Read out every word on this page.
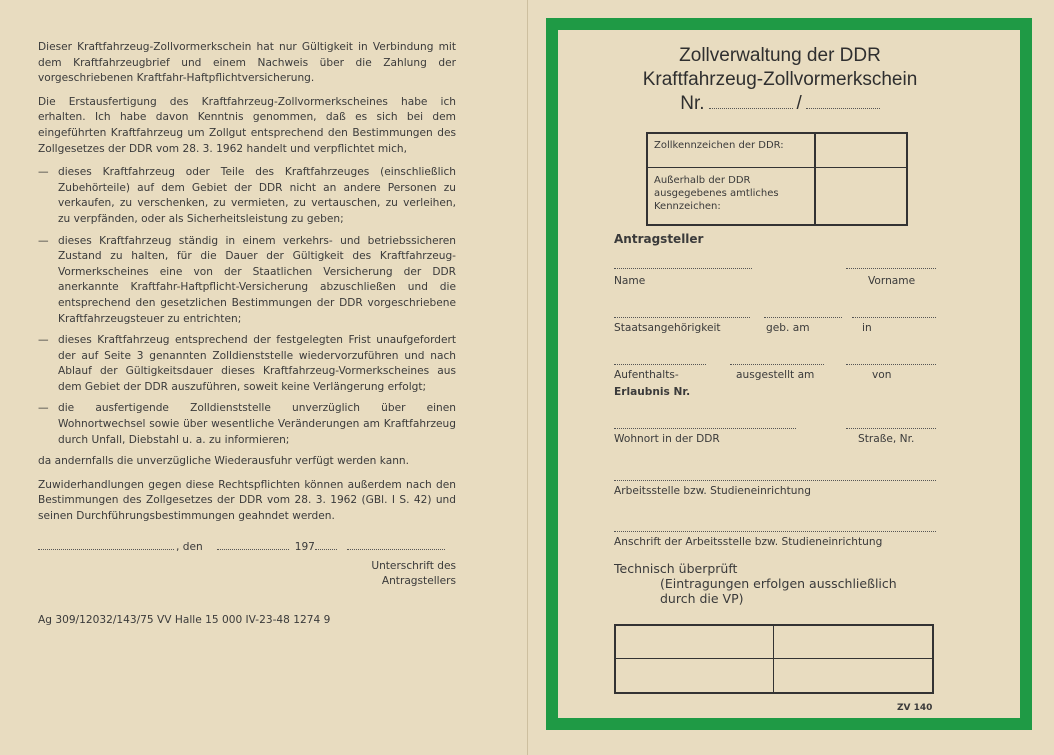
Dieser Kraftfahrzeug-Zollvormerkschein hat nur Gültigkeit in Verbindung mit dem Kraftfahrzeugbrief und einem Nachweis über die Zahlung der vorgeschriebenen Kraftfahr-Haftpflichtversicherung.

Die Erstausfertigung des Kraftfahrzeug-Zollvormerkscheines habe ich erhalten. Ich habe davon Kenntnis genommen, daß es sich bei dem eingeführten Kraftfahrzeug um Zollgut entsprechend den Bestimmungen des Zollgesetzes der DDR vom 28. 3. 1962 handelt und verpflichtet mich,

— dieses Kraftfahrzeug oder Teile des Kraftfahrzeuges (einschließlich Zubehörteile) auf dem Gebiet der DDR nicht an andere Personen zu verkaufen, zu verschenken, zu vermieten, zu vertauschen, zu verleihen, zu verpfänden, oder als Sicherheitsleistung zu geben;
— dieses Kraftfahrzeug ständig in einem verkehrs- und betriebssicheren Zustand zu halten, für die Dauer der Gültigkeit des Kraftfahrzeug-Vormerkscheines eine von der Staatlichen Versicherung der DDR anerkannte Kraftfahr-Haftpflicht-Versicherung abzuschließen und die entsprechend den gesetzlichen Bestimmungen der DDR vorgeschriebene Kraftfahrzeugsteuer zu entrichten;
— dieses Kraftfahrzeug entsprechend der festgelegten Frist unaufgefordert der auf Seite 3 genannten Zolldienststelle wiedervorzuführen und nach Ablauf der Gültigkeitsdauer dieses Kraftfahrzeug-Vormerkscheines aus dem Gebiet der DDR auszuführen, soweit keine Verlängerung erfolgt;
— die ausfertigende Zolldienststelle unverzüglich über einen Wohnortwechsel sowie über wesentliche Veränderungen am Kraftfahrzeug durch Unfall, Diebstahl u. a. zu informieren;

da andernfalls die unverzügliche Wiederausfuhr verfügt werden kann.

Zuwiderhandlungen gegen diese Rechtspflichten können außerdem nach den Bestimmungen des Zollgesetzes der DDR vom 28. 3. 1962 (GBl. I S. 42) und seinen Durchführungsbestimmungen geahndet werden.

, den	197
Unterschrift des
Antragstellers
Ag 309/12032/143/75 VV Halle 15 000 IV-23-48 1274 9
Zollverwaltung der DDR
Kraftfahrzeug-Zollvormerkschein
Nr.	/
Zollkennzeichen der DDR:
Außerhalb der DDR ausgegebenes amtliches Kennzeichen:
Antragsteller
Name	Vorname
Staatsangehörigkeit	geb. am	in
Aufenthalts-	ausgestellt am	von
Erlaubnis Nr.
Wohnort in der DDR	Straße, Nr.
Arbeitsstelle bzw. Studieneinrichtung
Anschrift der Arbeitsstelle bzw. Studieneinrichtung
Technisch überprüft
(Eintragungen erfolgen ausschließlich
durch die VP)
ZV 140
